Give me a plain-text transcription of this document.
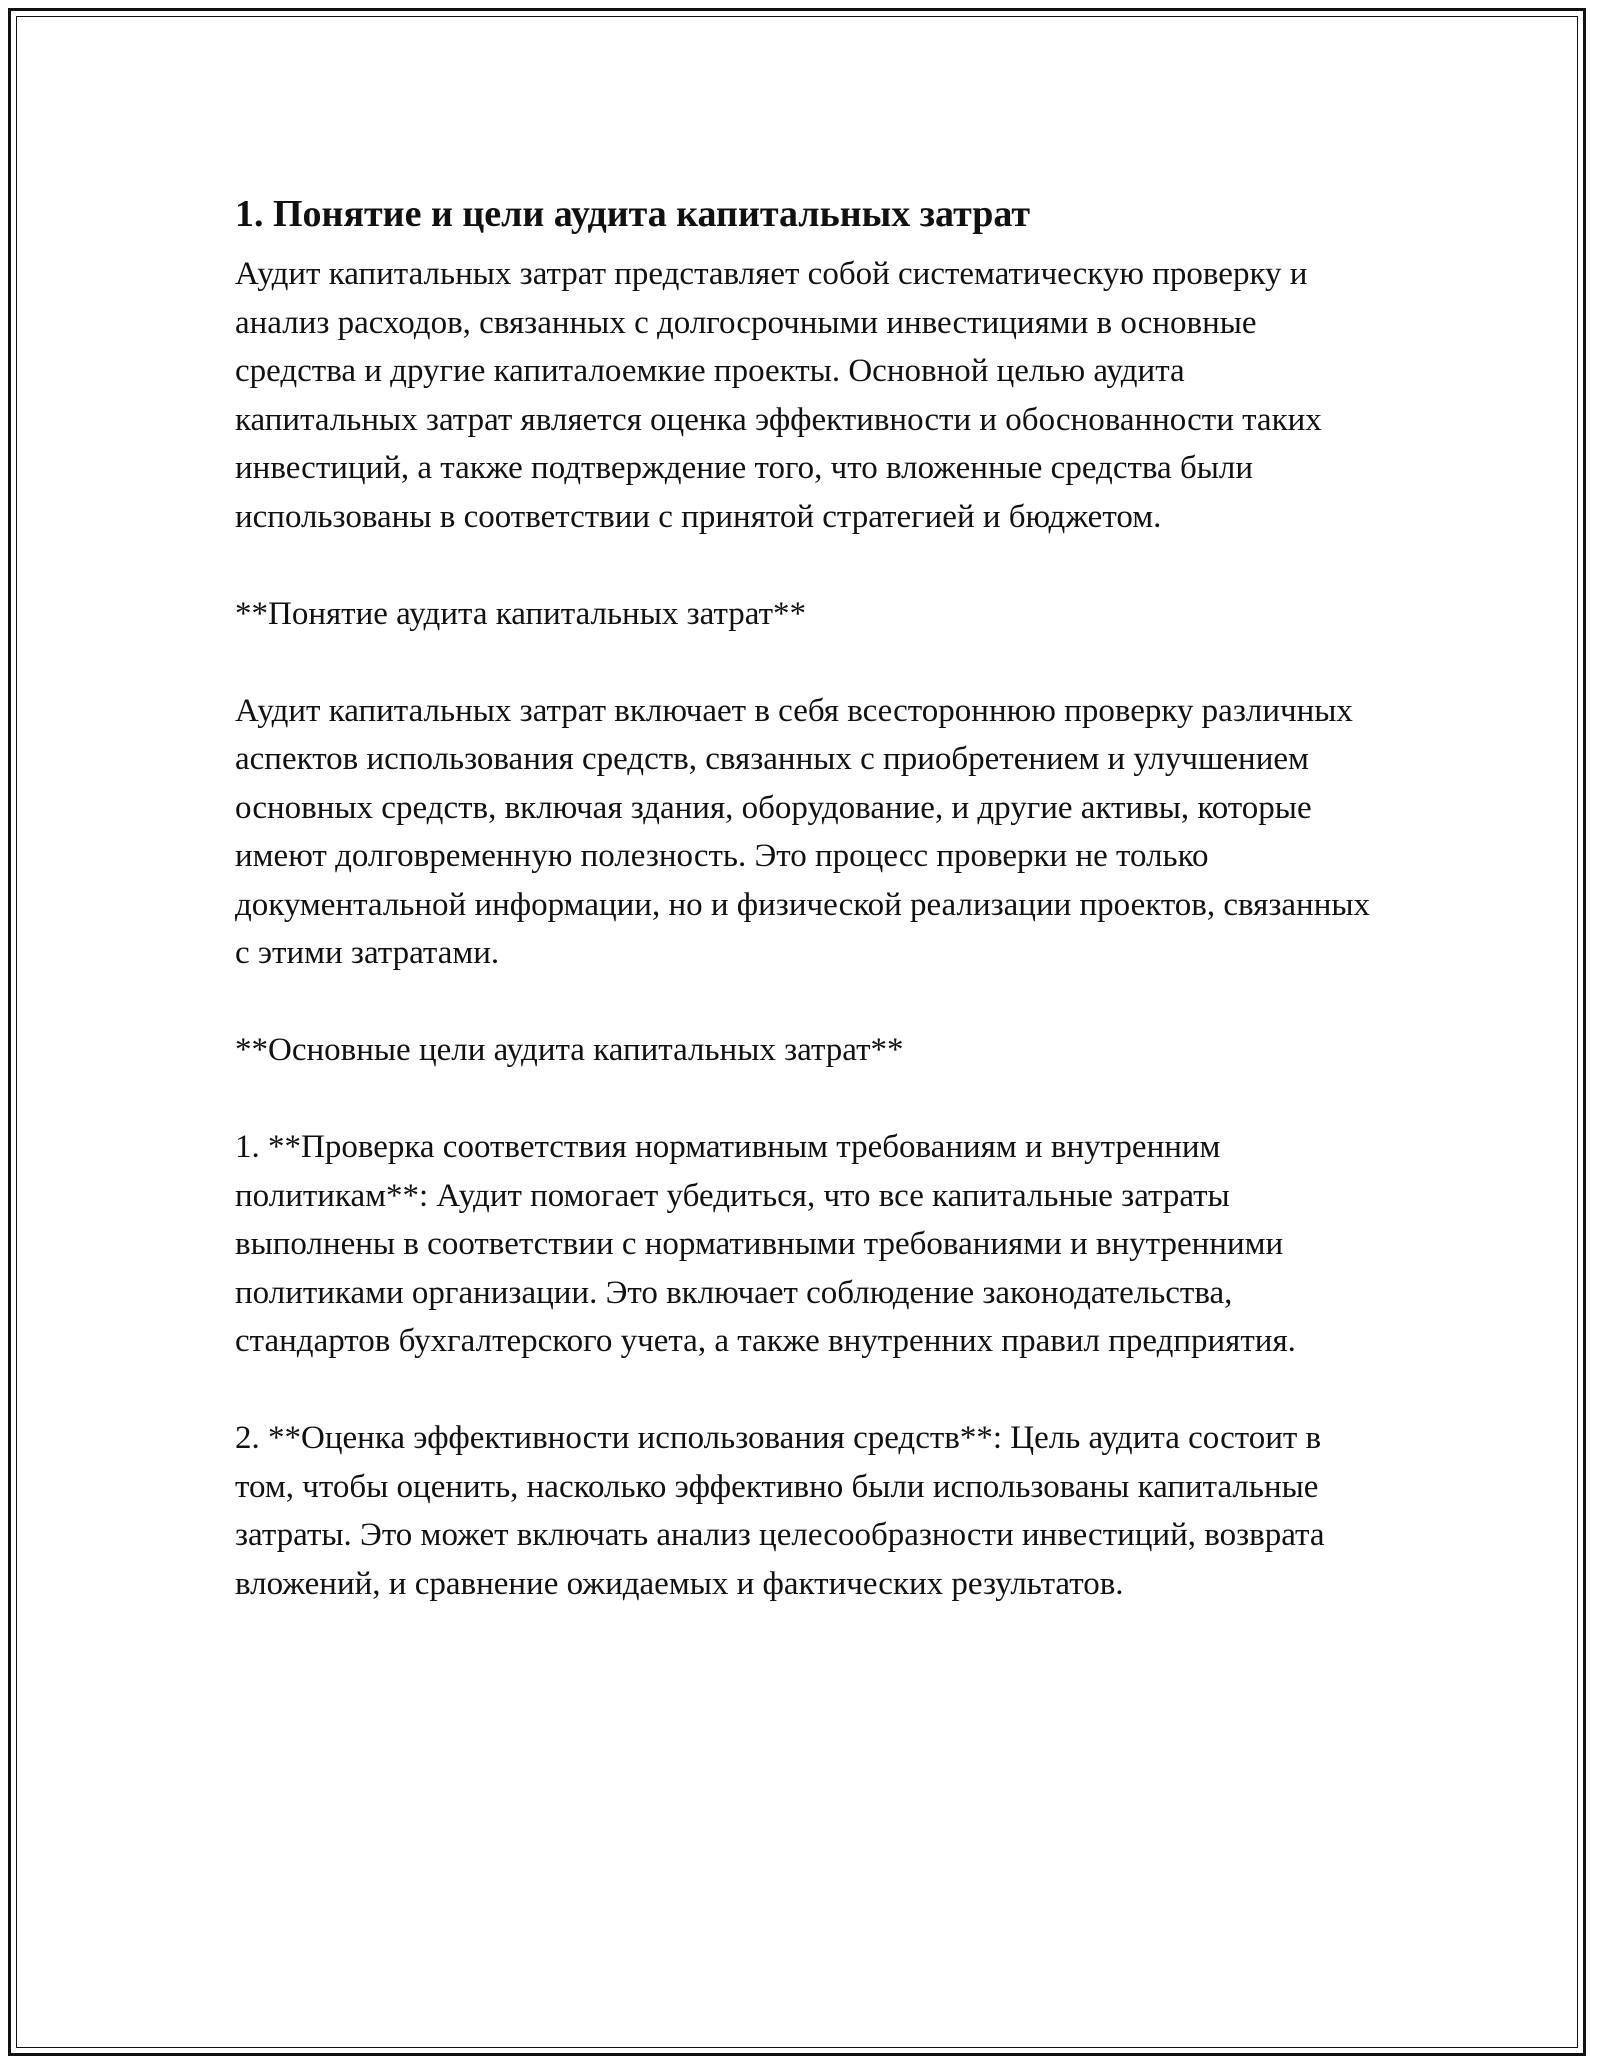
1. Понятие и цели аудита капитальных затрат

Аудит капитальных затрат представляет собой систематическую проверку и анализ расходов, связанных с долгосрочными инвестициями в основные средства и другие капиталоемкие проекты. Основной целью аудита капитальных затрат является оценка эффективности и обоснованности таких инвестиций, а также подтверждение того, что вложенные средства были использованы в соответствии с принятой стратегией и бюджетом.

**Понятие аудита капитальных затрат**

Аудит капитальных затрат включает в себя всестороннюю проверку различных аспектов использования средств, связанных с приобретением и улучшением основных средств, включая здания, оборудование, и другие активы, которые имеют долговременную полезность. Это процесс проверки не только документальной информации, но и физической реализации проектов, связанных с этими затратами.

**Основные цели аудита капитальных затрат**

1. **Проверка соответствия нормативным требованиям и внутренним политикам**: Аудит помогает убедиться, что все капитальные затраты выполнены в соответствии с нормативными требованиями и внутренними политиками организации. Это включает соблюдение законодательства, стандартов бухгалтерского учета, а также внутренних правил предприятия.

2. **Оценка эффективности использования средств**: Цель аудита состоит в том, чтобы оценить, насколько эффективно были использованы капитальные затраты. Это может включать анализ целесообразности инвестиций, возврата вложений, и сравнение ожидаемых и фактических результатов.
